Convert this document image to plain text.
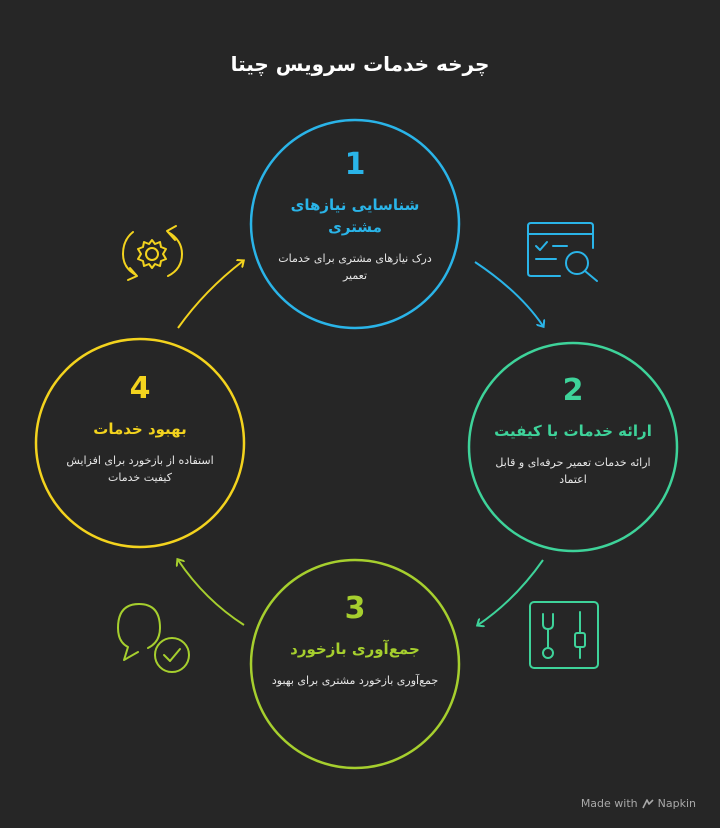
چرخه خدمات سرویس چیتا
1
شناسایی نیازهای مشتری
درک نیازهای مشتری برای خدمات تعمیر
2
ارائه خدمات با کیفیت
ارائه خدمات تعمیر حرفه‌ای و قابل اعتماد
3
جمع‌آوری بازخورد
جمع‌آوری بازخورد مشتری برای بهبود
4
بهبود خدمات
استفاده از بازخورد برای افزایش کیفیت خدمات
Made with Napkin
